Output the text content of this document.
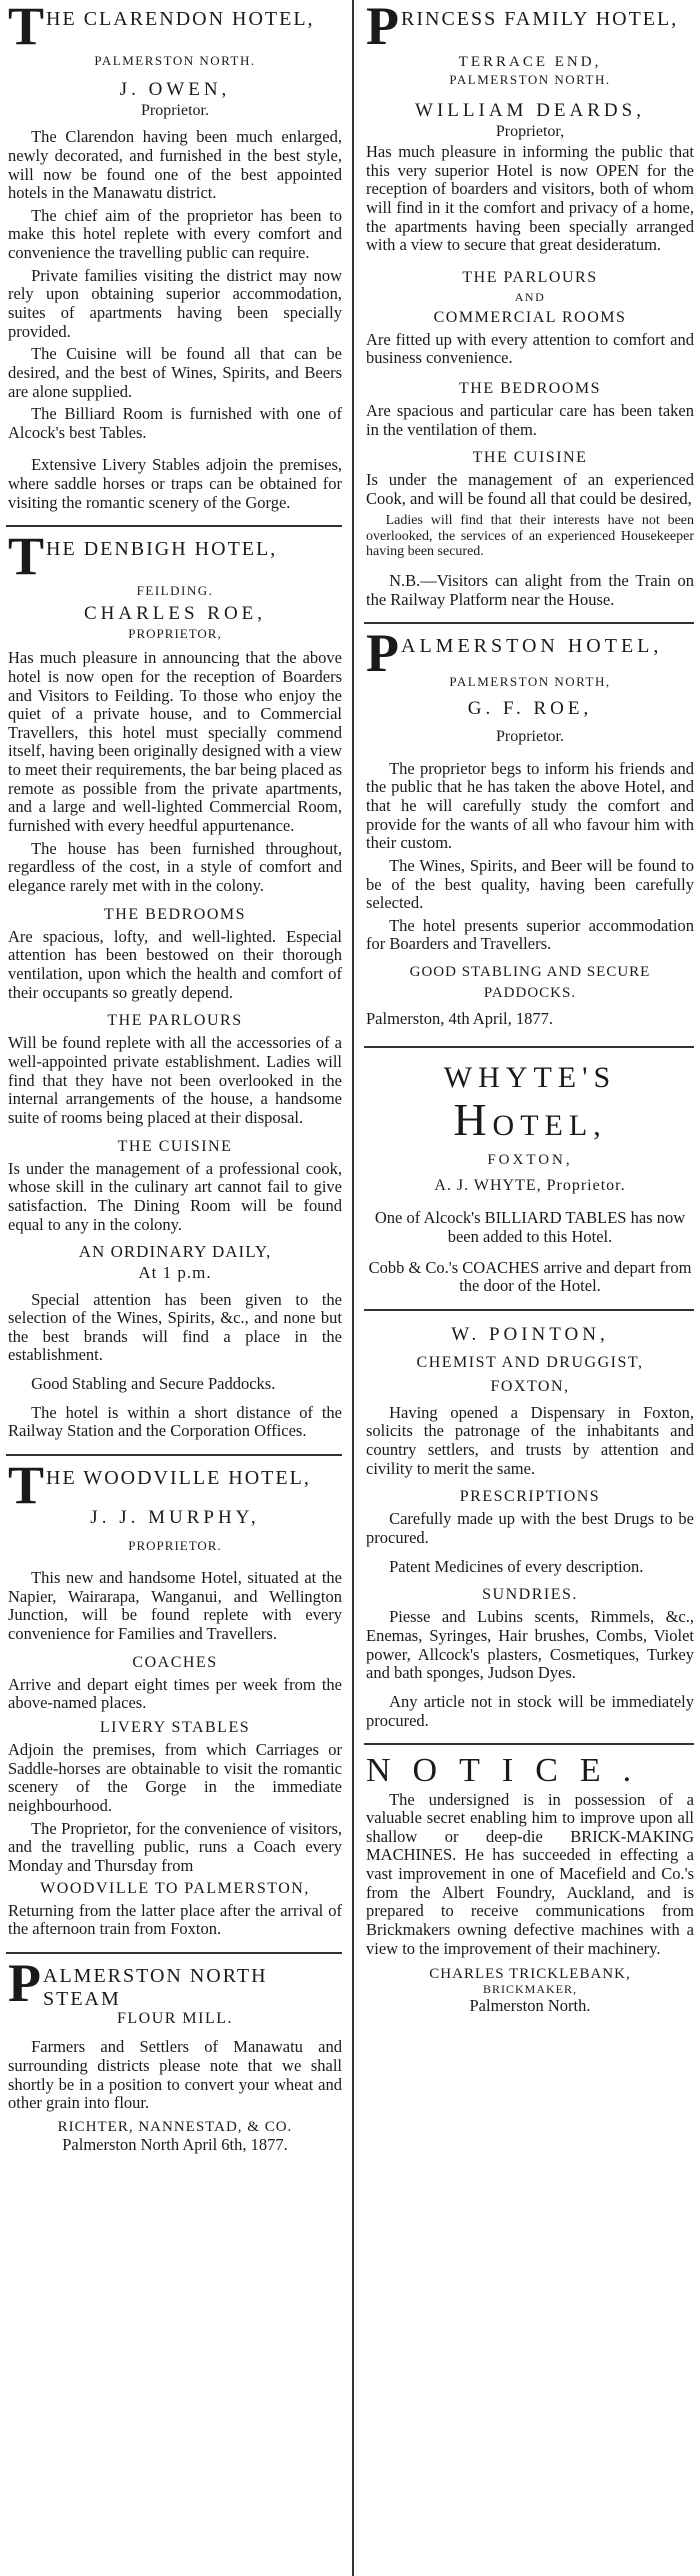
T HE CLARENDON HOTEL,
PALMERSTON NORTH.
J. OWEN,
Proprietor.

The Clarendon having been much enlarged, newly decorated, and furnished in the best style, will now be found one of the best appointed hotels in the Manawatu district.

The chief aim of the proprietor has been to make this hotel replete with every comfort and convenience the travelling public can require.

Private families visiting the district may now rely upon obtaining superior accommodation, suites of apartments having been specially provided.

The Cuisine will be found all that can be desired, and the best of Wines, Spirits, and Beers are alone supplied.

The Billiard Room is furnished with one of Alcock's best Tables.

Extensive Livery Stables adjoin the premises, where saddle horses or traps can be obtained for visiting the romantic scenery of the Gorge.

T HE DENBIGH HOTEL,
FEILDING.
CHARLES ROE,
PROPRIETOR,

Has much pleasure in announcing that the above hotel is now open for the reception of Boarders and Visitors to Feilding. To those who enjoy the quiet of a private house, and to Commercial Travellers, this hotel must specially commend itself, having been originally designed with a view to meet their requirements, the bar being placed as remote as possible from the private apartments, and a large and well-lighted Commercial Room, furnished with every heedful appurtenance.

The house has been furnished throughout, regardless of the cost, in a style of comfort and elegance rarely met with in the colony.

THE BEDROOMS

Are spacious, lofty, and well-lighted. Especial attention has been bestowed on their thorough ventilation, upon which the health and comfort of their occupants so greatly depend.

THE PARLOURS

Will be found replete with all the accessories of a well-appointed private establishment. Ladies will find that they have not been overlooked in the internal arrangements of the house, a handsome suite of rooms being placed at their disposal.

THE CUISINE

Is under the management of a professional cook, whose skill in the culinary art cannot fail to give satisfaction. The Dining Room will be found equal to any in the colony.

AN ORDINARY DAILY,
At 1 p.m.

Special attention has been given to the selection of the Wines, Spirits, &c., and none but the best brands will find a place in the establishment.

Good Stabling and Secure Paddocks.

The hotel is within a short distance of the Railway Station and the Corporation Offices.

T HE WOODVILLE HOTEL,
J. J. MURPHY,
PROPRIETOR.

This new and handsome Hotel, situated at the Napier, Wairarapa, Wanganui, and Wellington Junction, will be found replete with every convenience for Families and Travellers.

COACHES

Arrive and depart eight times per week from the above-named places.

LIVERY STABLES

Adjoin the premises, from which Carriages or Saddle-horses are obtainable to visit the romantic scenery of the Gorge in the immediate neighbourhood.

The Proprietor, for the convenience of visitors, and the travelling public, runs a Coach every Monday and Thursday from

WOODVILLE TO PALMERSTON,

Returning from the latter place after the arrival of the afternoon train from Foxton.

P ALMERSTON NORTH STEAM
FLOUR MILL.

Farmers and Settlers of Manawatu and surrounding districts please note that we shall shortly be in a position to convert your wheat and other grain into flour.

RICHTER, NANNESTAD, & CO.
Palmerston North April 6th, 1877.
P RINCESS FAMILY HOTEL,
TERRACE END,
PALMERSTON NORTH.
WILLIAM DEARDS,
Proprietor,

Has much pleasure in informing the public that this very superior Hotel is now OPEN for the reception of boarders and visitors, both of whom will find in it the comfort and privacy of a home, the apartments having been specially arranged with a view to secure that great desideratum.

THE PARLOURS
AND
COMMERCIAL ROOMS

Are fitted up with every attention to comfort and business convenience.

THE BEDROOMS

Are spacious and particular care has been taken in the ventilation of them.

THE CUISINE

Is under the management of an experienced Cook, and will be found all that could be desired,

Ladies will find that their interests have not been overlooked, the services of an experienced Housekeeper having been secured.

N.B.—Visitors can alight from the Train on the Railway Platform near the House.

P ALMERSTON HOTEL,
PALMERSTON NORTH,
G. F. ROE,
Proprietor.

The proprietor begs to inform his friends and the public that he has taken the above Hotel, and that he will carefully study the comfort and provide for the wants of all who favour him with their custom.

The Wines, Spirits, and Beer will be found to be of the best quality, having been carefully selected.

The hotel presents superior accommodation for Boarders and Travellers.

GOOD STABLING AND SECURE
PADDOCKS.

Palmerston, 4th April, 1877.

WHYTE'S HOTEL,
FOXTON,
A. J. WHYTE, Proprietor.

One of Alcock's BILLIARD TABLES has now been added to this Hotel.

Cobb & Co.'s COACHES arrive and depart from the door of the Hotel.

W. POINTON,
CHEMIST AND DRUGGIST,
FOXTON,

Having opened a Dispensary in Foxton, solicits the patronage of the inhabitants and country settlers, and trusts by attention and civility to merit the same.

PRESCRIPTIONS

Carefully made up with the best Drugs to be procured.

Patent Medicines of every description.

SUNDRIES.

Piesse and Lubins scents, Rimmels, &c., Enemas, Syringes, Hair brushes, Combs, Violet power, Allcock's plasters, Cosmetiques, Turkey and bath sponges, Judson Dyes.

Any article not in stock will be immediately procured.

NOTICE.

The undersigned is in possession of a valuable secret enabling him to improve upon all shallow or deep-die BRICK-MAKING MACHINES. He has succeeded in effecting a vast improvement in one of Macefield and Co.'s from the Albert Foundry, Auckland, and is prepared to receive communications from Brickmakers owning defective machines with a view to the improvement of their machinery.

CHARLES TRICKLEBANK,
BRICKMAKER,
Palmerston North.
